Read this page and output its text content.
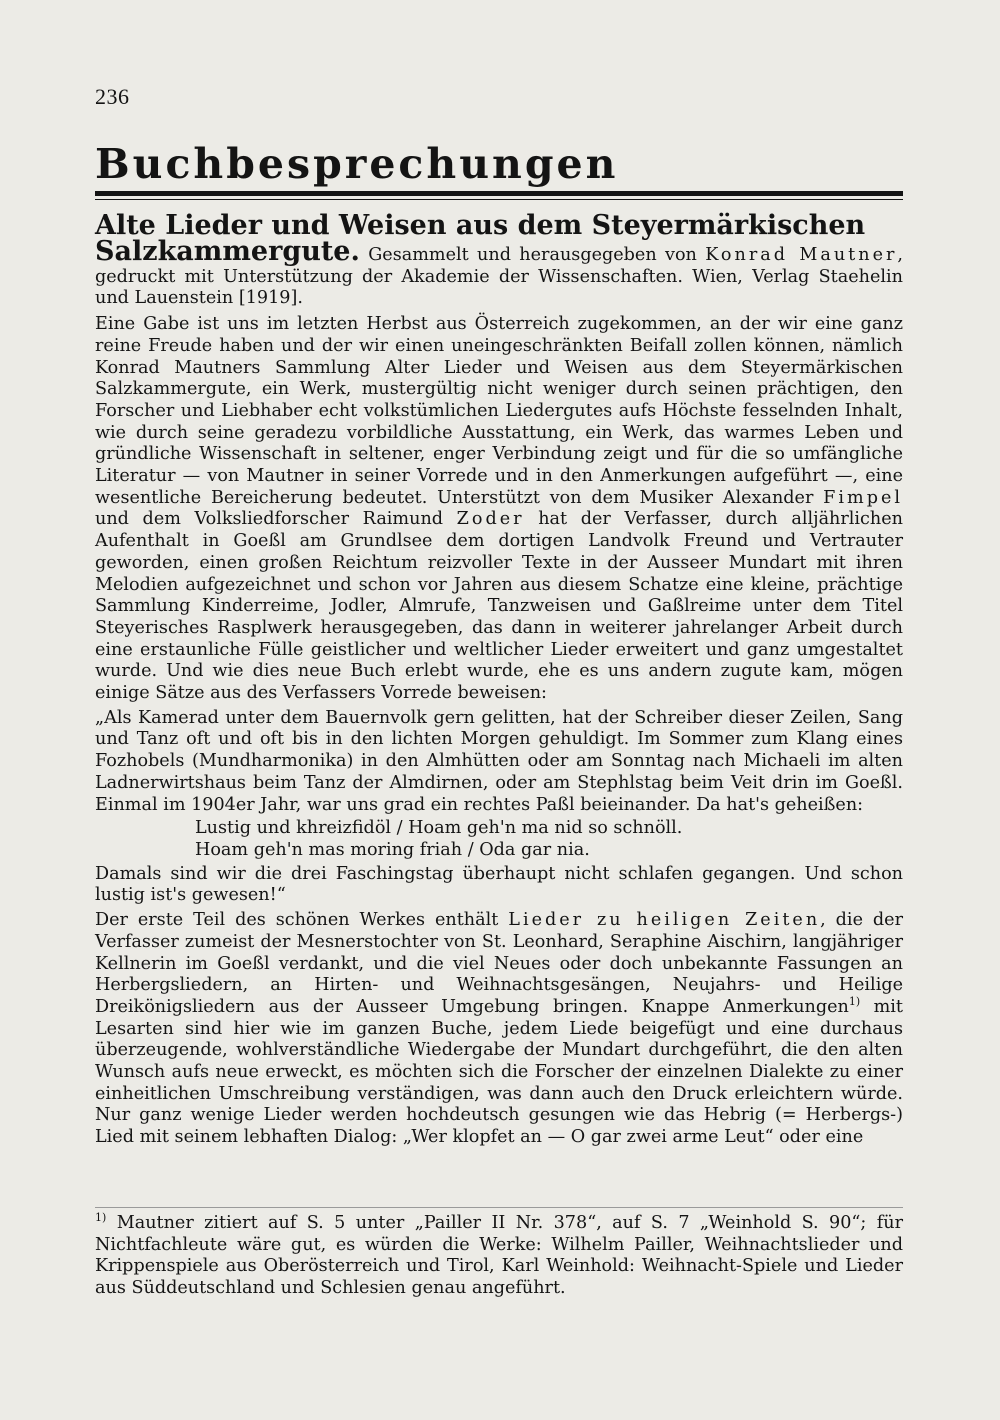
236
Buchbesprechungen
Alte Lieder und Weisen aus dem Steyermärkischen

Salzkammergute. Gesammelt und herausgegeben von Konrad Mautner, gedruckt mit Unterstützung der Akademie der Wissenschaften. Wien, Verlag Staehelin und Lauenstein [1919].

Eine Gabe ist uns im letzten Herbst aus Österreich zugekommen, an der wir eine ganz reine Freude haben und der wir einen uneingeschränkten Beifall zollen können, nämlich Konrad Mautners Sammlung Alter Lieder und Weisen aus dem Steyermärkischen Salzkammergute, ein Werk, mustergültig nicht weniger durch seinen prächtigen, den Forscher und Liebhaber echt volkstümlichen Liedergutes aufs Höchste fesselnden Inhalt, wie durch seine geradezu vorbildliche Ausstattung, ein Werk, das warmes Leben und gründliche Wissenschaft in seltener, enger Verbindung zeigt und für die so umfängliche Literatur — von Mautner in seiner Vorrede und in den Anmerkungen aufgeführt —, eine wesentliche Bereicherung bedeutet. Unterstützt von dem Musiker Alexander Fimpel und dem Volksliedforscher Raimund Zoder hat der Verfasser, durch alljährlichen Aufenthalt in Goeßl am Grundlsee dem dortigen Landvolk Freund und Vertrauter geworden, einen großen Reichtum reizvoller Texte in der Ausseer Mundart mit ihren Melodien aufgezeichnet und schon vor Jahren aus diesem Schatze eine kleine, prächtige Sammlung Kinderreime, Jodler, Almrufe, Tanzweisen und Gaßlreime unter dem Titel Steyerisches Rasplwerk herausgegeben, das dann in weiterer jahrelanger Arbeit durch eine erstaunliche Fülle geistlicher und weltlicher Lieder erweitert und ganz umgestaltet wurde. Und wie dies neue Buch erlebt wurde, ehe es uns andern zugute kam, mögen einige Sätze aus des Verfassers Vorrede beweisen:

„Als Kamerad unter dem Bauernvolk gern gelitten, hat der Schreiber dieser Zeilen, Sang und Tanz oft und oft bis in den lichten Morgen gehuldigt. Im Sommer zum Klang eines Fozhobels (Mundharmonika) in den Almhütten oder am Sonntag nach Michaeli im alten Ladnerwirtshaus beim Tanz der Almdirnen, oder am Stephlstag beim Veit drin im Goeßl. Einmal im 1904er Jahr, war uns grad ein rechtes Paßl beieinander. Da hat's geheißen:

Lustig und khreizfidöl / Hoam geh'n ma nid so schnöll.
Hoam geh'n mas moring friah / Oda gar nia.

Damals sind wir die drei Faschingstag überhaupt nicht schlafen gegangen. Und schon lustig ist's gewesen!“

Der erste Teil des schönen Werkes enthält Lieder zu heiligen Zeiten, die der Verfasser zumeist der Mesnerstochter von St. Leonhard, Seraphine Aischirn, langjähriger Kellnerin im Goeßl verdankt, und die viel Neues oder doch unbekannte Fassungen an Herbergsliedern, an Hirten- und Weihnachtsgesängen, Neujahrs- und Heilige Dreikönigsliedern aus der Ausseer Umgebung bringen. Knappe Anmerkungen$^{1)}$ mit Lesarten sind hier wie im ganzen Buche, jedem Liede beigefügt und eine durchaus überzeugende, wohlverständliche Wiedergabe der Mundart durchgeführt, die den alten Wunsch aufs neue erweckt, es möchten sich die Forscher der einzelnen Dialekte zu einer einheitlichen Umschreibung verständigen, was dann auch den Druck erleichtern würde. Nur ganz wenige Lieder werden hochdeutsch gesungen wie das Hebrig (= Herbergs-) Lied mit seinem lebhaften Dialog: „Wer klopfet an — O gar zwei arme Leut“ oder eine

$^{1)}$ Mautner zitiert auf S. 5 unter „Pailler II Nr. 378“, auf S. 7 „Weinhold S. 90“; für Nichtfachleute wäre gut, es würden die Werke: Wilhelm Pailler, Weihnachtslieder und Krippenspiele aus Oberösterreich und Tirol, Karl Weinhold: Weihnacht-Spiele und Lieder aus Süddeutschland und Schlesien genau angeführt.
